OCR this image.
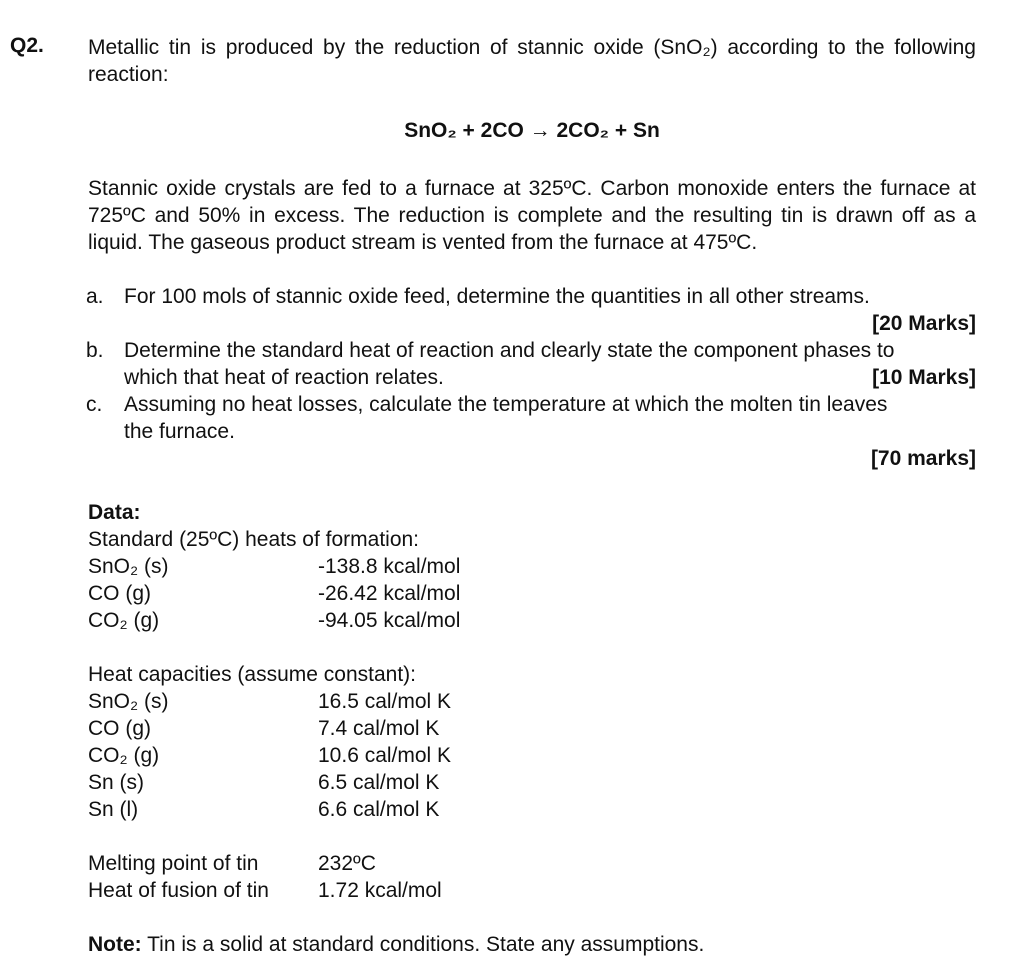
Q2. Metallic tin is produced by the reduction of stannic oxide (SnO₂) according to the following reaction:

SnO₂ + 2CO → 2CO₂ + Sn

Stannic oxide crystals are fed to a furnace at 325ºC. Carbon monoxide enters the furnace at 725ºC and 50% in excess. The reduction is complete and the resulting tin is drawn off as a liquid. The gaseous product stream is vented from the furnace at 475ºC.

a. For 100 mols of stannic oxide feed, determine the quantities in all other streams.
[20 Marks]
b. Determine the standard heat of reaction and clearly state the component phases to
which that heat of reaction relates.	[10 Marks]
c.	Assuming no heat losses, calculate the temperature at which the molten tin leaves
the furnace.
[70 marks]
Data:
Standard (25ºC) heats of formation:
SnO₂ (s)	-138.8 kcal/mol
CO (g)	-26.42 kcal/mol
CO₂ (g)	-94.05 kcal/mol
Heat capacities (assume constant):
SnO₂ (s)	16.5 cal/mol K
CO (g)	7.4 cal/mol K
CO₂ (g)	10.6 cal/mol K
Sn (s)	6.5 cal/mol K
Sn (l)	6.6 cal/mol K
Melting point of tin	232ºC
Heat of fusion of tin	1.72 kcal/mol
Note: Tin is a solid at standard conditions. State any assumptions.
